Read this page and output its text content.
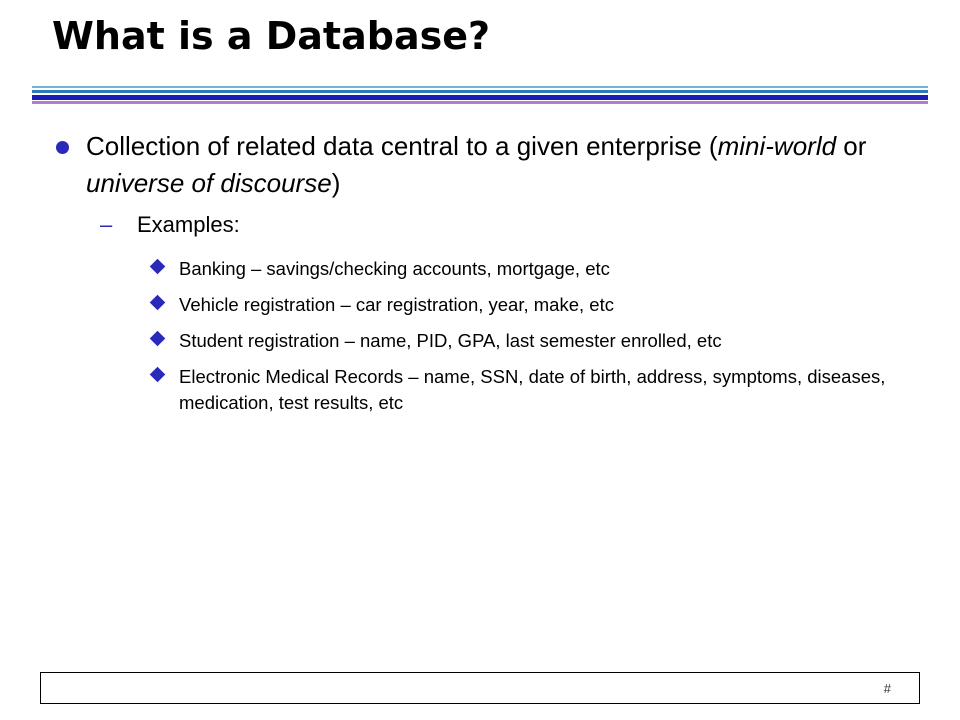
What is a Database?
Collection of related data central to a given enterprise (mini-world or universe of discourse)
– Examples:
Banking – savings/checking accounts, mortgage, etc
Vehicle registration – car registration, year, make, etc
Student registration – name, PID, GPA, last semester enrolled, etc
Electronic Medical Records – name, SSN, date of birth, address, symptoms, diseases, medication, test results, etc
#
